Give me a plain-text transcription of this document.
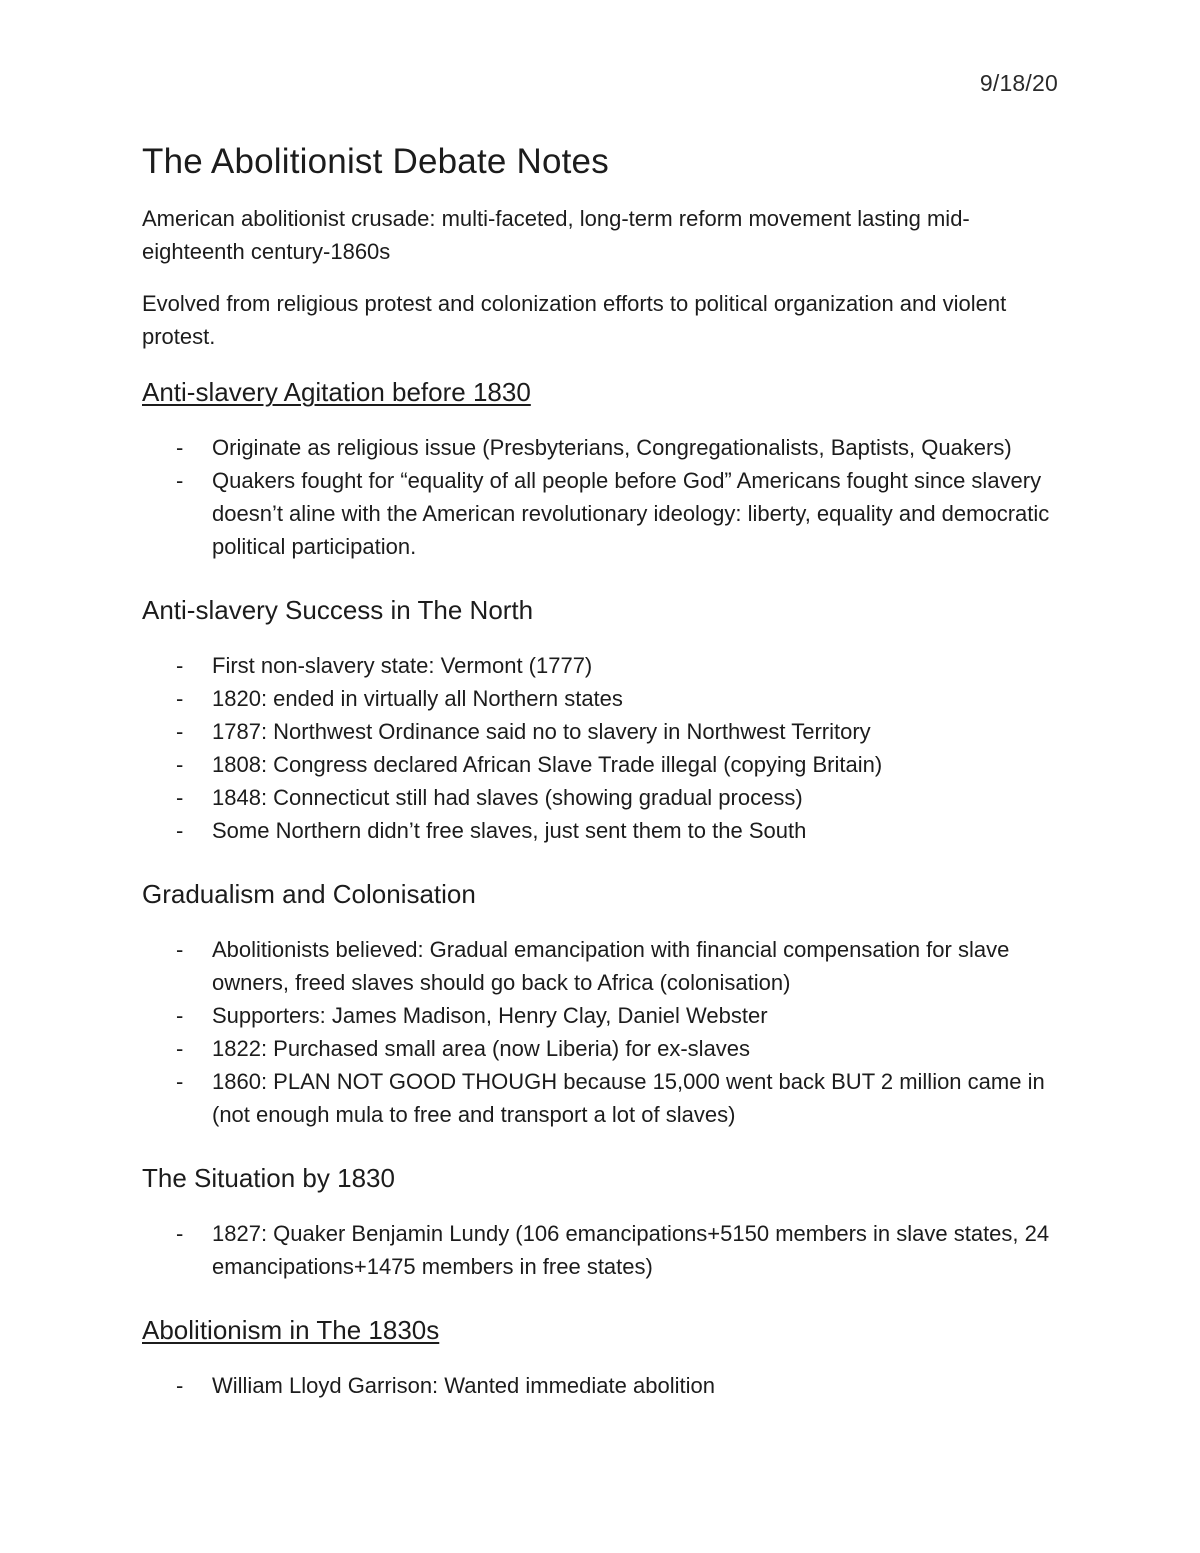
9/18/20
The Abolitionist Debate Notes

American abolitionist crusade: multi-faceted, long-term reform movement lasting mid-eighteenth century-1860s

Evolved from religious protest and colonization efforts to political organization and violent protest.

Anti-slavery Agitation before 1830
- Originate as religious issue (Presbyterians, Congregationalists, Baptists, Quakers)
- Quakers fought for “equality of all people before God” Americans fought since slavery doesn’t aline with the American revolutionary ideology: liberty, equality and democratic political participation.
Anti-slavery Success in The North
- First non-slavery state: Vermont (1777)
- 1820: ended in virtually all Northern states
- 1787: Northwest Ordinance said no to slavery in Northwest Territory
- 1808: Congress declared African Slave Trade illegal (copying Britain)
- 1848: Connecticut still had slaves (showing gradual process)
- Some Northern didn’t free slaves, just sent them to the South
Gradualism and Colonisation
- Abolitionists believed: Gradual emancipation with financial compensation for slave owners, freed slaves should go back to Africa (colonisation)
- Supporters: James Madison, Henry Clay, Daniel Webster
- 1822: Purchased small area (now Liberia) for ex-slaves
- 1860: PLAN NOT GOOD THOUGH because 15,000 went back BUT 2 million came in (not enough mula to free and transport a lot of slaves)
The Situation by 1830
- 1827: Quaker Benjamin Lundy (106 emancipations+5150 members in slave states, 24 emancipations+1475 members in free states)
Abolitionism in The 1830s
- William Lloyd Garrison: Wanted immediate abolition
